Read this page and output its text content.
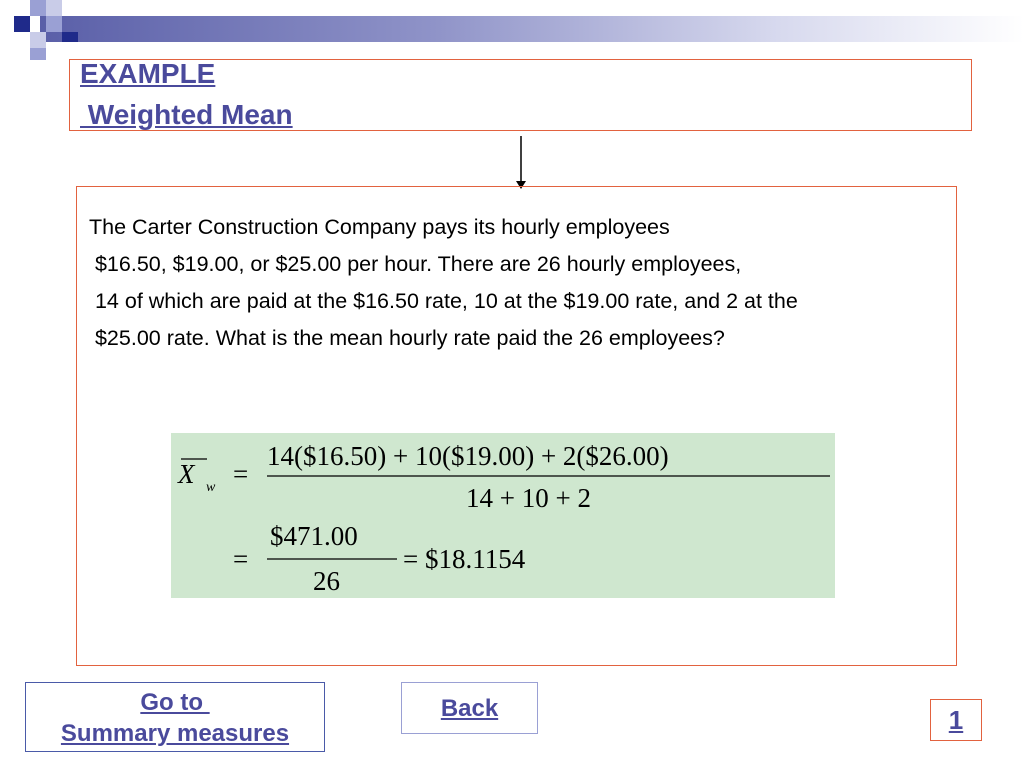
EXAMPLE
Weighted Mean
The Carter Construction Company pays its hourly employees
$16.50, $19.00, or $25.00 per hour. There are 26 hourly employees,
14 of which are paid at the $16.50 rate, 10 at the $19.00 rate, and 2 at the
$25.00 rate. What is the mean hourly rate paid the 26 employees?
X w =
14($16.50) + 10($19.00) + 2($26.00)
14 + 10 + 2
=
$471.00
26
= $18.1154
Go to
Summary measures
Back	1
